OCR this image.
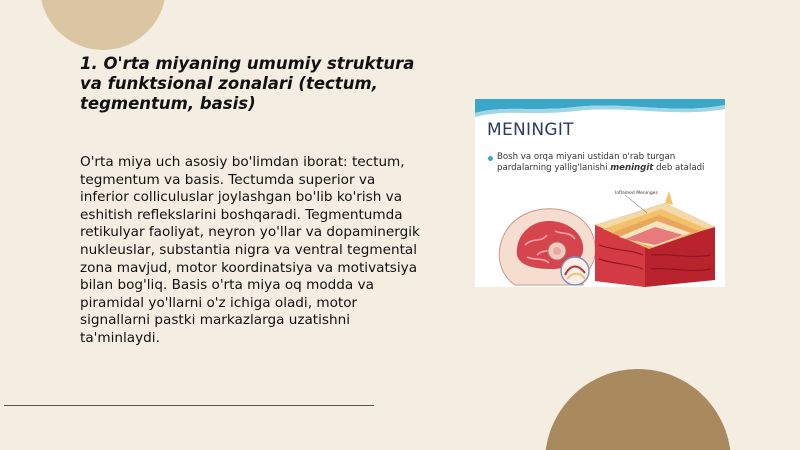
1. O'rta miyaning umumiy struktura va funktsional zonalari (tectum, tegmentum, basis)

O'rta miya uch asosiy bo'limdan iborat: tectum, tegmentum va basis. Tectumda superior va inferior colliculuslar joylashgan bo'lib ko'rish va eshitish reflekslarini boshqaradi. Tegmentumda retikulyar faoliyat, neyron yo'llar va dopaminergik nukleuslar, substantia nigra va ventral tegmental zona mavjud, motor koordinatsiya va motivatsiya bilan bog'liq. Basis o'rta miya oq modda va piramidal yo'llarni o'z ichiga oladi, motor signallarni pastki markazlarga uzatishni ta'minlaydi.

MENINGIT

Bosh va orqa miyani ustidan o'rab turgan pardalarning yallig'lanishi meningit deb ataladi

Inflamed Meninges
